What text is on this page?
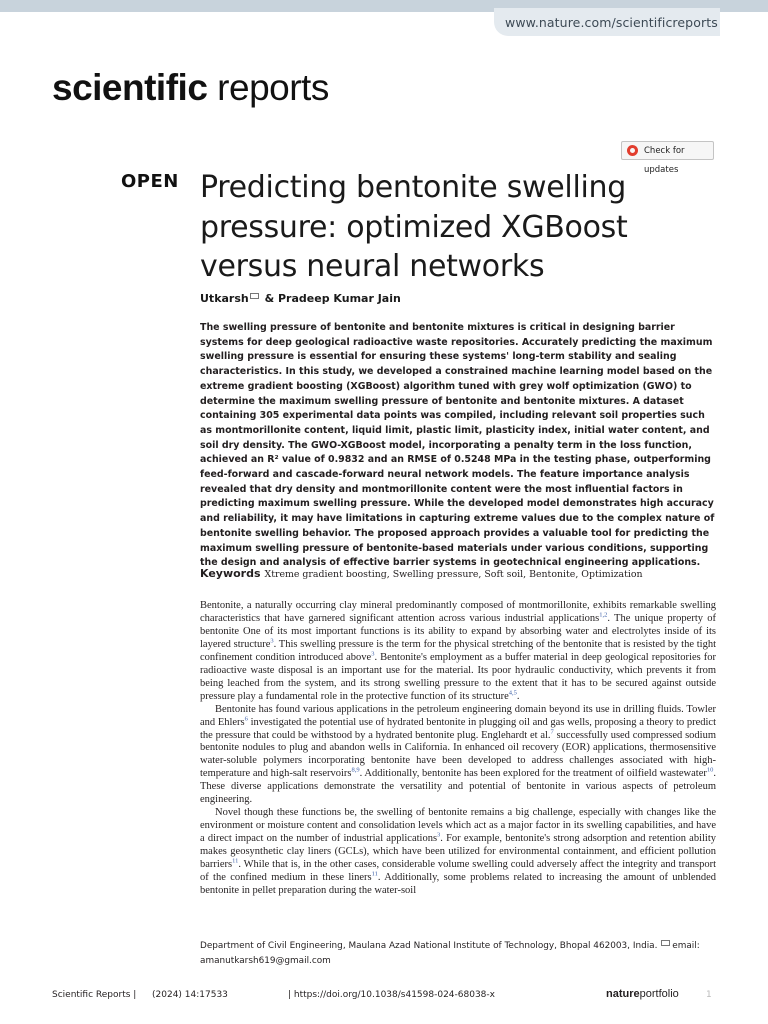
www.nature.com/scientificreports
scientific reports
Check for updates
OPEN Predicting bentonite swelling pressure: optimized XGBoost versus neural networks
Utkarsh & Pradeep Kumar Jain

The swelling pressure of bentonite and bentonite mixtures is critical in designing barrier systems for deep geological radioactive waste repositories. Accurately predicting the maximum swelling pressure is essential for ensuring these systems' long-term stability and sealing characteristics. In this study, we developed a constrained machine learning model based on the extreme gradient boosting (XGBoost) algorithm tuned with grey wolf optimization (GWO) to determine the maximum swelling pressure of bentonite and bentonite mixtures. A dataset containing 305 experimental data points was compiled, including relevant soil properties such as montmorillonite content, liquid limit, plastic limit, plasticity index, initial water content, and soil dry density. The GWO-XGBoost model, incorporating a penalty term in the loss function, achieved an R² value of 0.9832 and an RMSE of 0.5248 MPa in the testing phase, outperforming feed-forward and cascade-forward neural network models. The feature importance analysis revealed that dry density and montmorillonite content were the most influential factors in predicting maximum swelling pressure. While the developed model demonstrates high accuracy and reliability, it may have limitations in capturing extreme values due to the complex nature of bentonite swelling behavior. The proposed approach provides a valuable tool for predicting the maximum swelling pressure of bentonite-based materials under various conditions, supporting the design and analysis of effective barrier systems in geotechnical engineering applications.

Keywords Xtreme gradient boosting, Swelling pressure, Soft soil, Bentonite, Optimization

Bentonite, a naturally occurring clay mineral predominantly composed of montmorillonite, exhibits remarkable swelling characteristics that have garnered significant attention across various industrial applications$^{1,2}$. The unique property of bentonite One of its most important functions is its ability to expand by absorbing water and electrolytes inside of its layered structure$^3$. This swelling pressure is the term for the physical stretching of the bentonite that is resisted by the tight confinement condition introduced above$^3$. Bentonite's employment as a buffer material in deep geological repositories for radioactive waste disposal is an important use for the material. Its poor hydraulic conductivity, which prevents it from being leached from the system, and its strong swelling pressure to the extent that it has to be secured against outside pressure play a fundamental role in the protective function of its structure$^{4,5}$.

Bentonite has found various applications in the petroleum engineering domain beyond its use in drilling fluids. Towler and Ehlers$^6$ investigated the potential use of hydrated bentonite in plugging oil and gas wells, proposing a theory to predict the pressure that could be withstood by a hydrated bentonite plug. Englehardt et al.$^7$ successfully used compressed sodium bentonite nodules to plug and abandon wells in California. In enhanced oil recovery (EOR) applications, thermosensitive water-soluble polymers incorporating bentonite have been developed to address challenges associated with high-temperature and high-salt reservoirs$^{8,9}$. Additionally, bentonite has been explored for the treatment of oilfield wastewater$^{10}$. These diverse applications demonstrate the versatility and potential of bentonite in various aspects of petroleum engineering.

Novel though these functions be, the swelling of bentonite remains a big challenge, especially with changes like the environment or moisture content and consolidation levels which act as a major factor in its swelling capabilities, and have a direct impact on the number of industrial applications$^3$. For example, bentonite's strong adsorption and retention ability makes geosynthetic clay liners (GCLs), which have been utilized for environmental containment, and efficient pollution barriers$^{11}$. While that is, in the other cases, considerable volume swelling could adversely affect the integrity and transport of the confined medium in these liners$^{11}$. Additionally, some problems related to increasing the amount of unblended bentonite in pellet preparation during the water-soil

Department of Civil Engineering, Maulana Azad National Institute of Technology, Bhopal 462003, India. email: amanutkarsh619@gmail.com
Scientific Reports | (2024) 14:17533	| https://doi.org/10.1038/s41598-024-68038-x	natureportfolio	1
